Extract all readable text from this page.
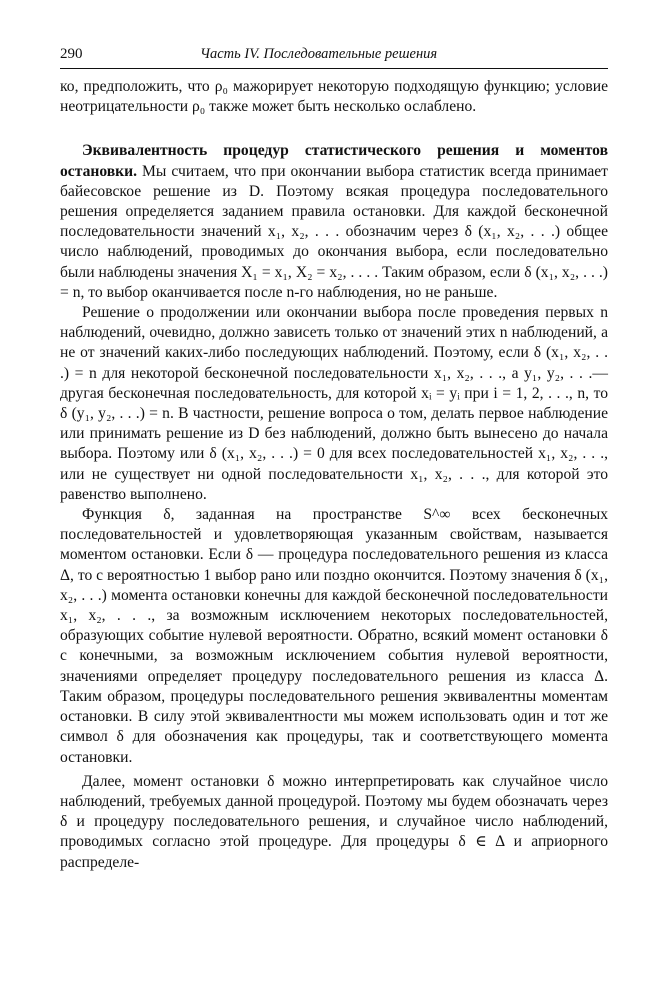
290	Часть IV. Последовательные решения

ко, предположить, что ρ₀ мажорирует некоторую подходящую функцию; условие неотрицательности ρ₀ также может быть несколько ослаблено.

Эквивалентность процедур статистического решения и моментов остановки. Мы считаем, что при окончании выбора статистик всегда принимает байесовское решение из D. Поэтому всякая процедура последовательного решения определяется заданием правила остановки. Для каждой бесконечной последовательности значений x₁, x₂, . . . обозначим через δ (x₁, x₂, . . .) общее число наблюдений, проводимых до окончания выбора, если последовательно были наблюдены значения X₁ = x₁, X₂ = x₂, . . . . Таким образом, если δ (x₁, x₂, . . .) = n, то выбор оканчивается после n-го наблюдения, но не раньше.

Решение о продолжении или окончании выбора после проведения первых n наблюдений, очевидно, должно зависеть только от значений этих n наблюдений, а не от значений каких-либо последующих наблюдений. Поэтому, если δ (x₁, x₂, . . .) = n для некоторой бесконечной последовательности x₁, x₂, . . ., а y₁, y₂, . . .— другая бесконечная последовательность, для которой xᵢ = yᵢ при i = 1, 2, . . ., n, то δ (y₁, y₂, . . .) = n. В частности, решение вопроса о том, делать первое наблюдение или принимать решение из D без наблюдений, должно быть вынесено до начала выбора. Поэтому или δ (x₁, x₂, . . .) = 0 для всех последовательностей x₁, x₂, . . ., или не существует ни одной последовательности x₁, x₂, . . ., для которой это равенство выполнено.

Функция δ, заданная на пространстве S^∞ всех бесконечных последовательностей и удовлетворяющая указанным свойствам, называется моментом остановки. Если δ — процедура последовательного решения из класса Δ, то с вероятностью 1 выбор рано или поздно окончится. Поэтому значения δ (x₁, x₂, . . .) момента остановки конечны для каждой бесконечной последовательности x₁, x₂, . . ., за возможным исключением некоторых последовательностей, образующих событие нулевой вероятности. Обратно, всякий момент остановки δ с конечными, за возможным исключением события нулевой вероятности, значениями определяет процедуру последовательного решения из класса Δ. Таким образом, процедуры последовательного решения эквивалентны моментам остановки. В силу этой эквивалентности мы можем использовать один и тот же символ δ для обозначения как процедуры, так и соответствующего момента остановки.

Далее, момент остановки δ можно интерпретировать как случайное число наблюдений, требуемых данной процедурой. Поэтому мы будем обозначать через δ и процедуру последовательного решения, и случайное число наблюдений, проводимых согласно этой процедуре. Для процедуры δ ∈ Δ и априорного распределе-
